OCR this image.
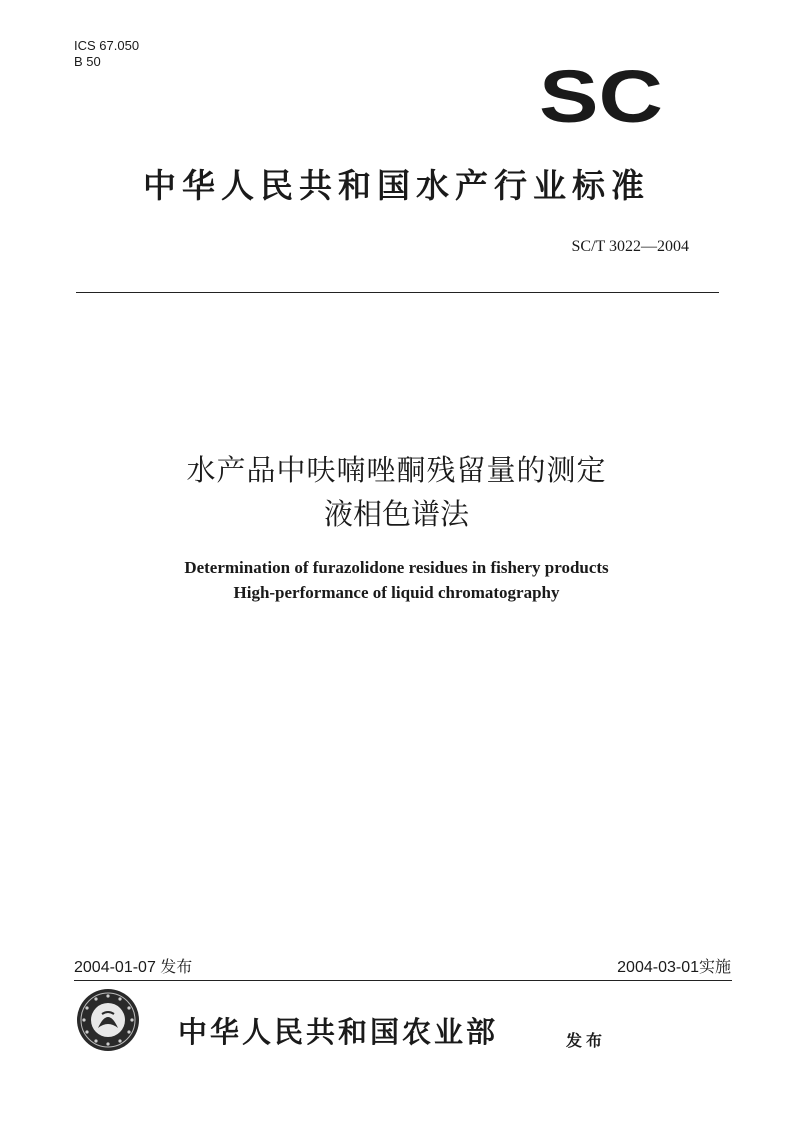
ICS 67.050
B 50	SC
中华人民共和国水产行业标准
SC/T 3022—2004
水产品中呋喃唑酮残留量的测定
液相色谱法
Determination of furazolidone residues in fishery products
High-performance of liquid chromatography
2004-01-07 发布	2004-03-01实施
中华人民共和国农业部	发布
